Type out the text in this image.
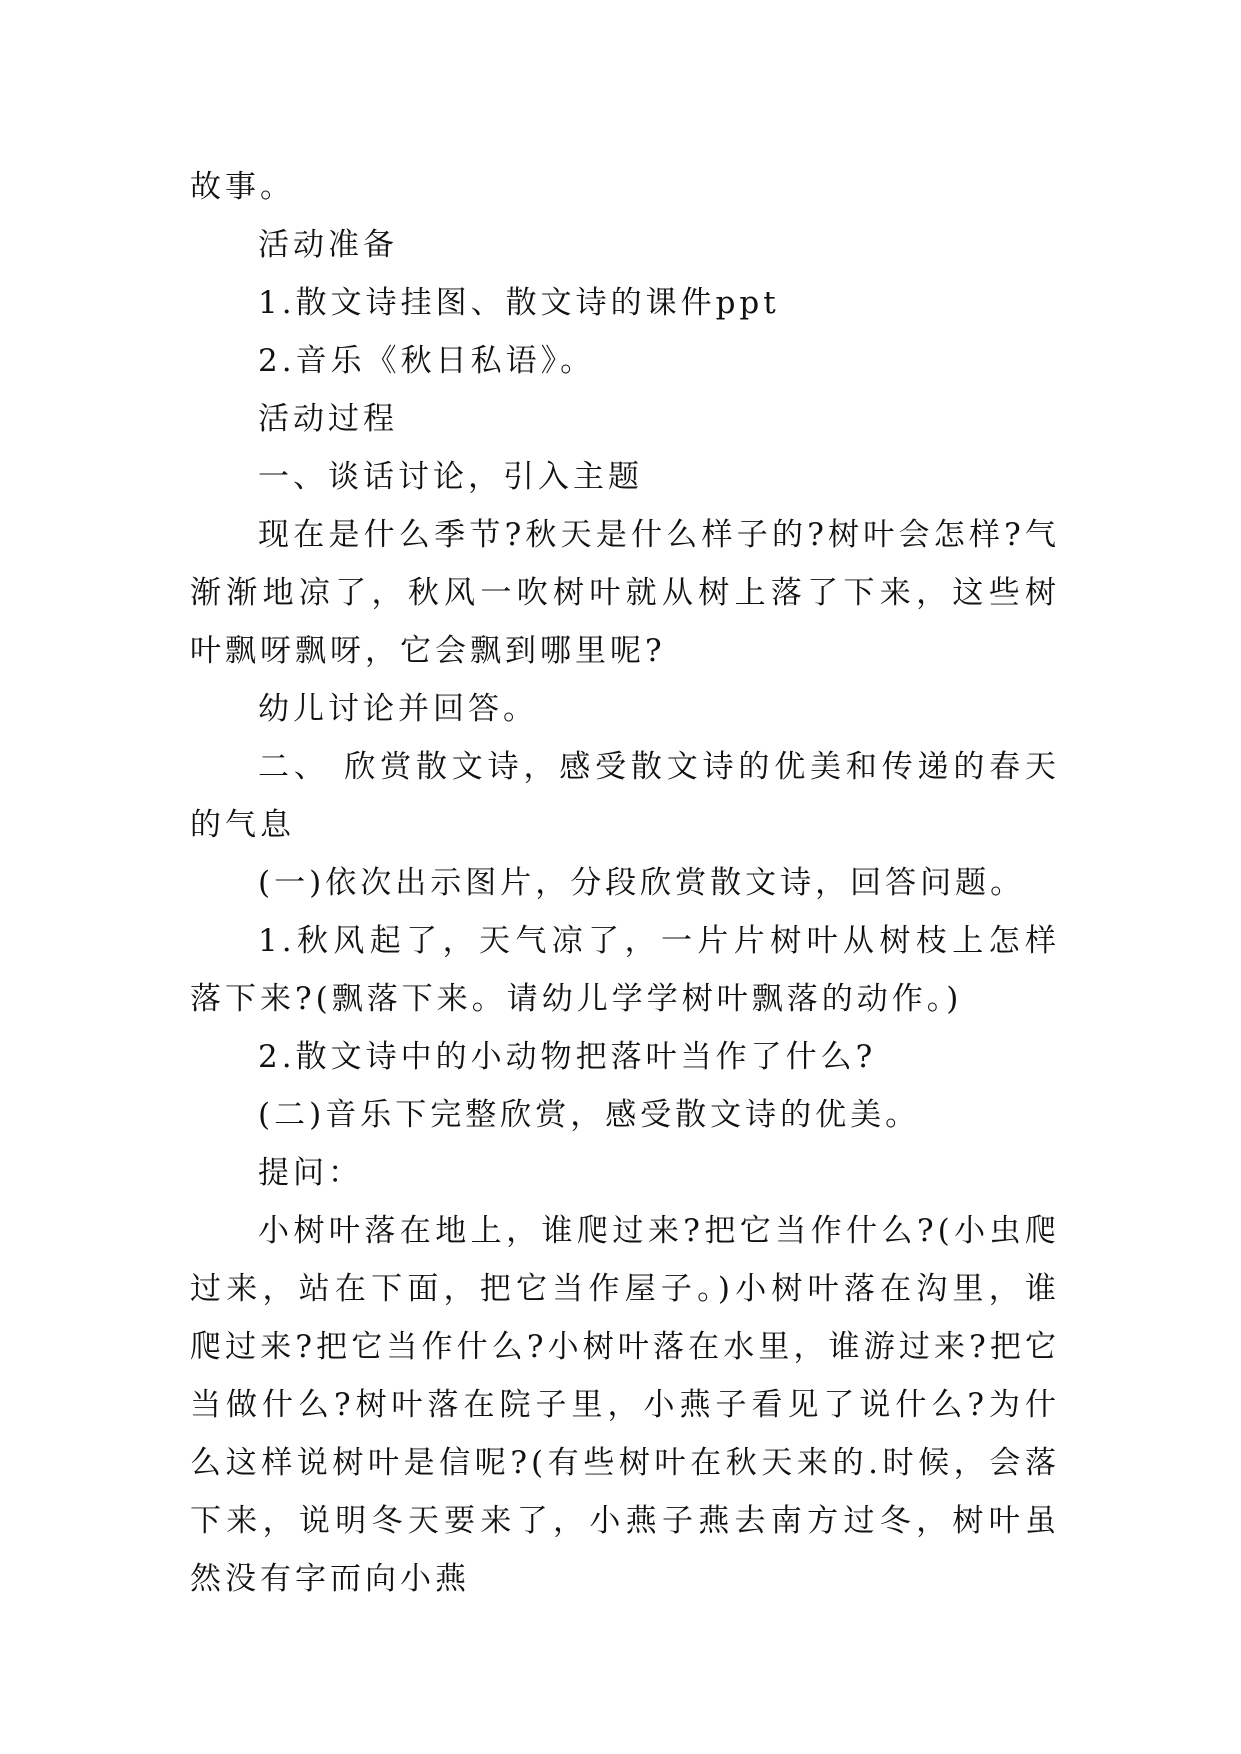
故事。

活动准备

1.散文诗挂图、散文诗的课件ppt

2.音乐《秋日私语》。

活动过程

一、谈话讨论，引入主题

现在是什么季节?秋天是什么样子的?树叶会怎样?气渐渐地凉了，秋风一吹树叶就从树上落了下来，这些树叶飘呀飘呀，它会飘到哪里呢?

幼儿讨论并回答。

二、 欣赏散文诗，感受散文诗的优美和传递的春天的气息

(一)依次出示图片，分段欣赏散文诗，回答问题。

1.秋风起了，天气凉了，一片片树叶从树枝上怎样落下来?(飘落下来。请幼儿学学树叶飘落的动作。)

2.散文诗中的小动物把落叶当作了什么?

(二)音乐下完整欣赏，感受散文诗的优美。

提问：

小树叶落在地上，谁爬过来?把它当作什么?(小虫爬过来，站在下面，把它当作屋子。)小树叶落在沟里，谁爬过来?把它当作什么?小树叶落在水里，谁游过来?把它当做什么?树叶落在院子里，小燕子看见了说什么?为什么这样说树叶是信呢?(有些树叶在秋天来的.时候，会落下来，说明冬天要来了，小燕子燕去南方过冬，树叶虽然没有字而向小燕
